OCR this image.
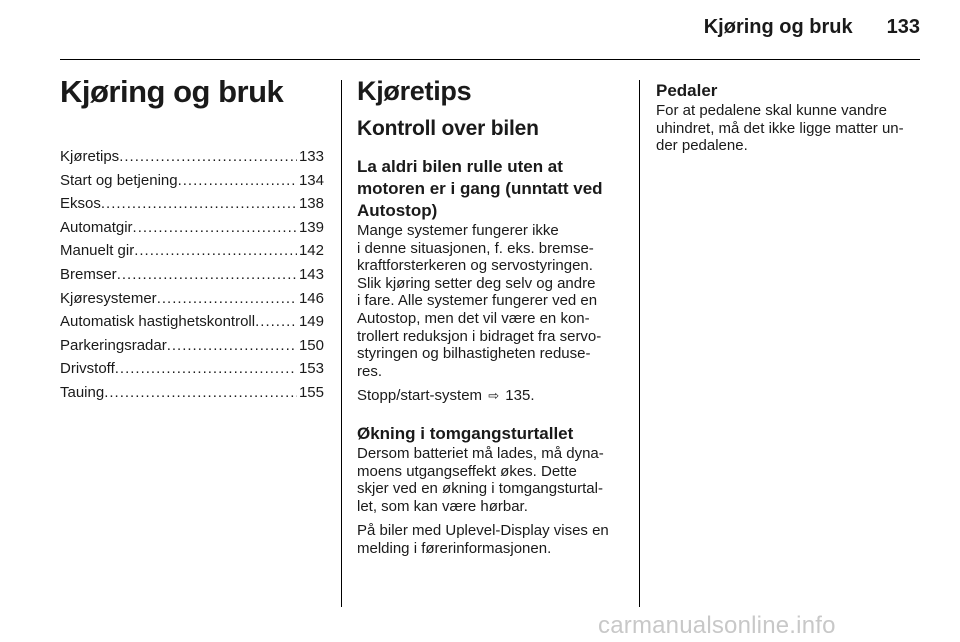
Kjøring og bruk 133
Kjøring og bruk
Kjøretips .....	133
Start og betjening .....	134
Eksos .....	138
Automatgir .....	139
Manuelt gir .....	142
Bremser .....	143
Kjøresystemer .....	146
Automatisk hastighetskontroll .....	149
Parkeringsradar .....	150
Drivstoff .....	153
Tauing .....	155
Kjøretips
Kontroll over bilen
La aldri bilen rulle uten at motoren er i gang (unntatt ved Autostop)
Mange systemer fungerer ikke
i denne situasjonen, f. eks. bremse-
kraftforsterkeren og servostyringen.
Slik kjøring setter deg selv og andre
i fare. Alle systemer fungerer ved en
Autostop, men det vil være en kon-
trollert reduksjon i bidraget fra servo-
styringen og bilhastigheten reduse-
res.
Stopp/start-system ⇨ 135.
Økning i tomgangsturtallet
Dersom batteriet må lades, må dyna-
moens utgangseffekt økes. Dette
skjer ved en økning i tomgangsturtal-
let, som kan være hørbar.
På biler med Uplevel-Display vises en
melding i førerinformasjonen.
Pedaler
For at pedalene skal kunne vandre
uhindret, må det ikke ligge matter un-
der pedalene.
carmanualsonline.info
